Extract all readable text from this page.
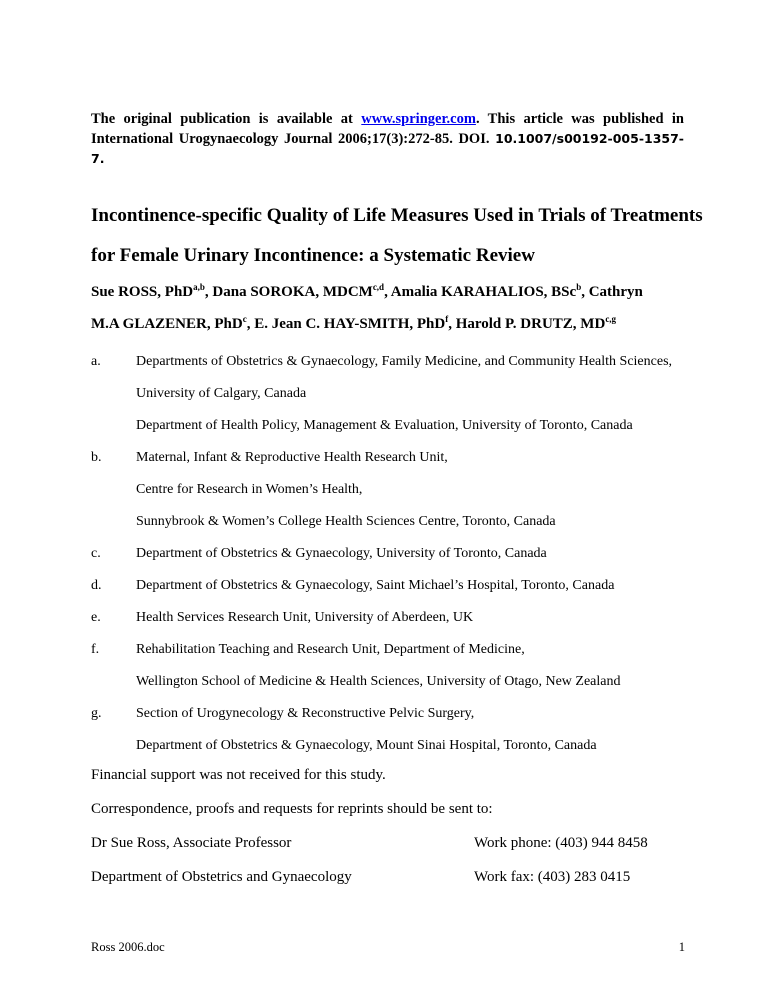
The original publication is available at www.springer.com. This article was published in
International Urogynaecology Journal 2006;17(3):272-85. DOI. 10.1007/s00192-005-1357-7.
Incontinence-specific Quality of Life Measures Used in Trials of Treatments
for Female Urinary Incontinence: a Systematic Review
Sue ROSS, PhD$^{a,b}$, Dana SOROKA, MDCM$^{c,d}$, Amalia KARAHALIOS, BSc$^b$, Cathryn
M.A GLAZENER, PhD$^c$, E. Jean C. HAY-SMITH, PhD$^f$, Harold P. DRUTZ, MD$^{c,g}$
a.	Departments of Obstetrics & Gynaecology, Family Medicine, and Community Health Sciences,
University of Calgary, Canada
Department of Health Policy, Management & Evaluation, University of Toronto, Canada
b.	Maternal, Infant & Reproductive Health Research Unit,
Centre for Research in Women’s Health,
Sunnybrook & Women’s College Health Sciences Centre, Toronto, Canada
c.	Department of Obstetrics & Gynaecology, University of Toronto, Canada
d.	Department of Obstetrics & Gynaecology, Saint Michael’s Hospital, Toronto, Canada
e.	Health Services Research Unit, University of Aberdeen, UK
f.	Rehabilitation Teaching and Research Unit, Department of Medicine,
Wellington School of Medicine & Health Sciences, University of Otago, New Zealand
g.	Section of Urogynecology & Reconstructive Pelvic Surgery,
Department of Obstetrics & Gynaecology, Mount Sinai Hospital, Toronto, Canada
Financial support was not received for this study.
Correspondence, proofs and requests for reprints should be sent to:
Dr Sue Ross, Associate Professor	Work phone: (403) 944 8458
Department of Obstetrics and Gynaecology	Work fax: (403) 283 0415
Ross 2006.doc	1
